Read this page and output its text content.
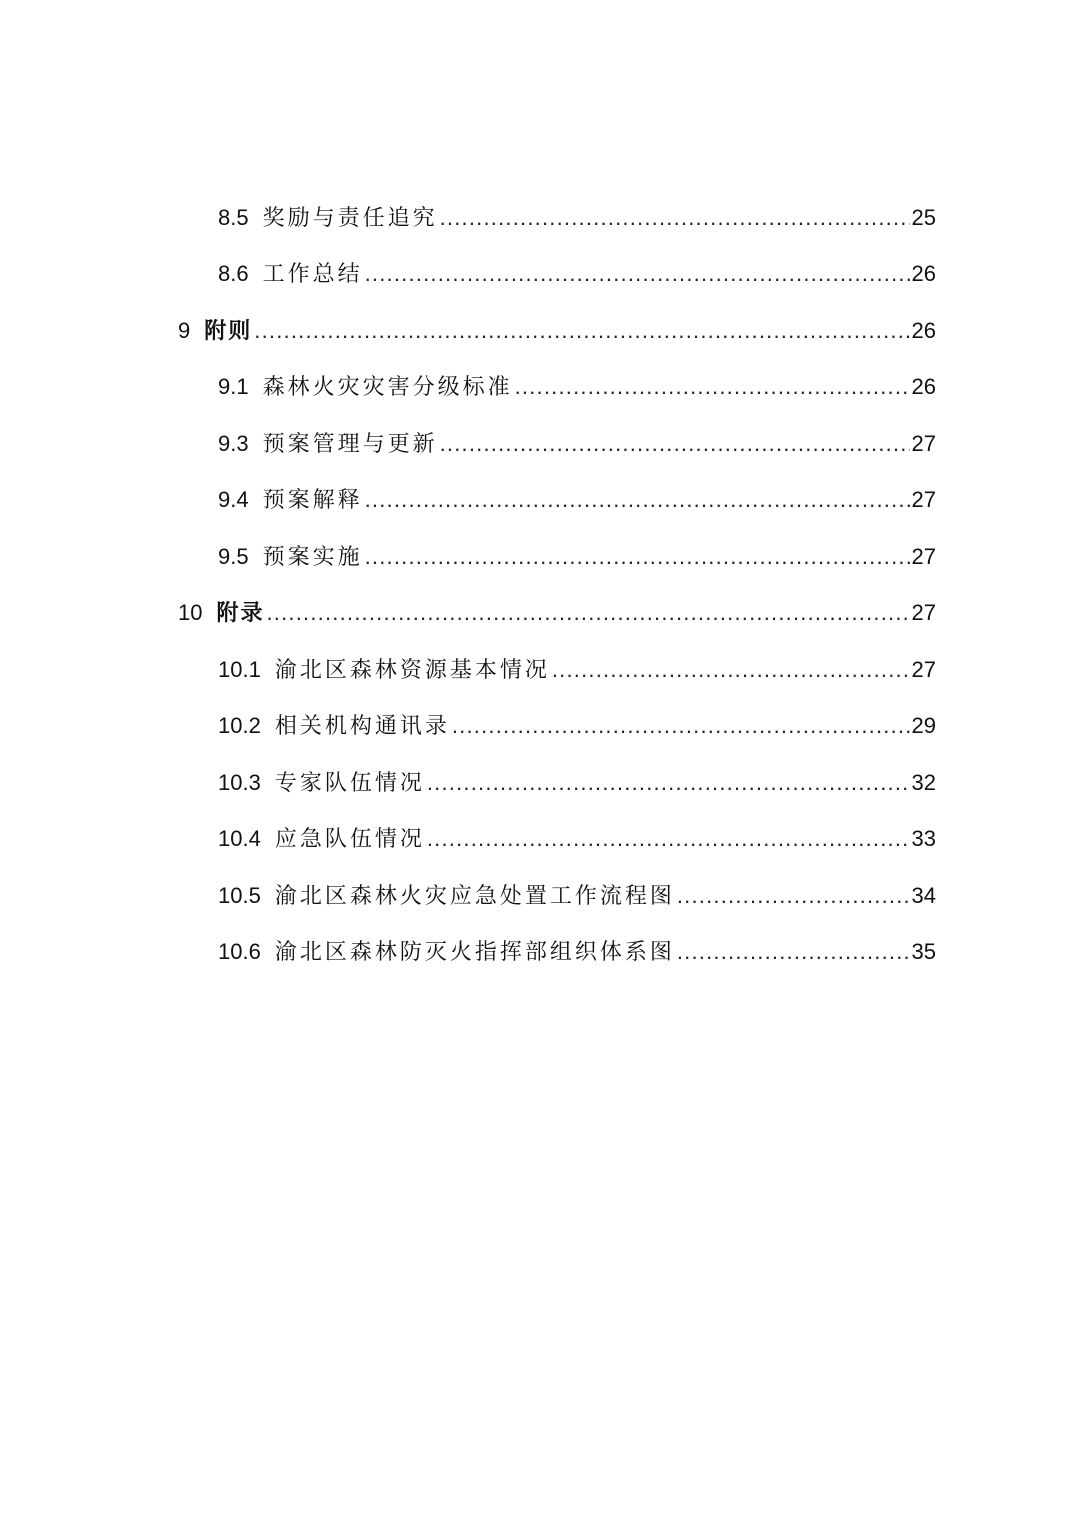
8.5 奖励与责任追究 .....	25
8.6 工作总结 .....	26
9 附则 .....	26
9.1 森林火灾灾害分级标准 .....	26
9.3 预案管理与更新 .....	27
9.4 预案解释 .....	27
9.5 预案实施 .....	27
10 附录 .....	27
10.1 渝北区森林资源基本情况 .....	27
10.2 相关机构通讯录 .....	29
10.3 专家队伍情况 .....	32
10.4 应急队伍情况 .....	33
10.5 渝北区森林火灾应急处置工作流程图 .....	34
10.6 渝北区森林防灭火指挥部组织体系图 .....	35
